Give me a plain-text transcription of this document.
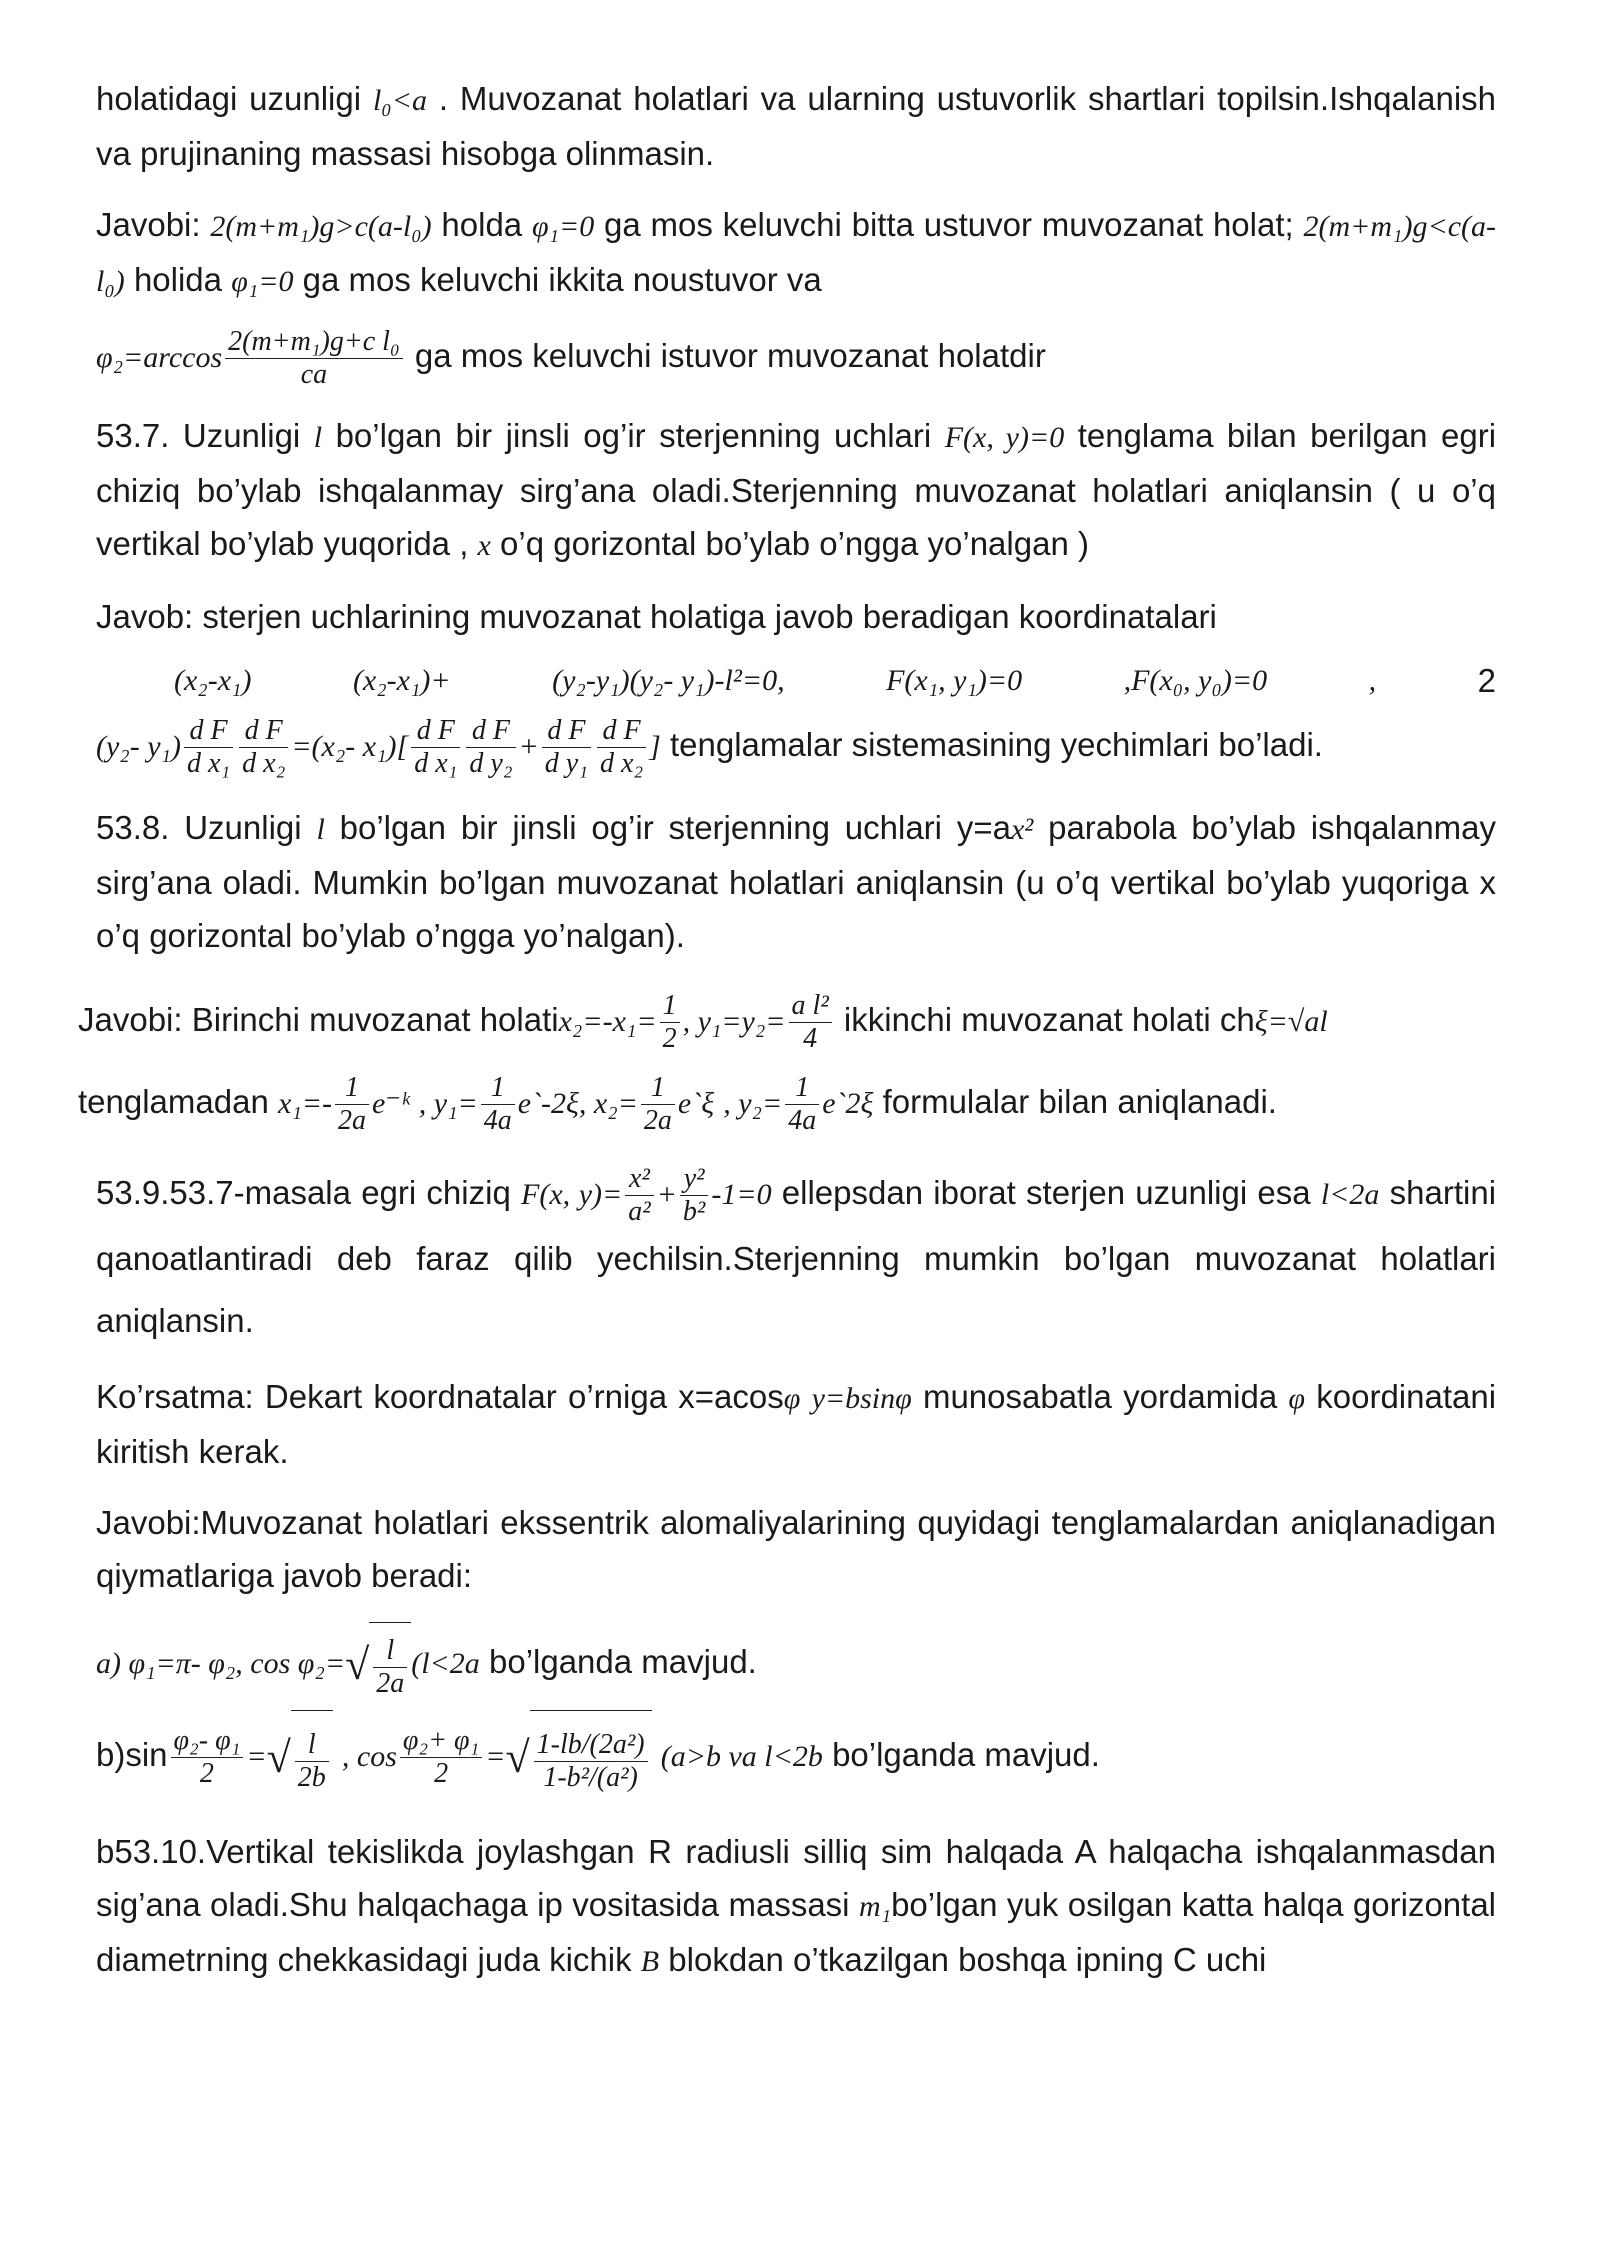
holatidagi uzunligi l₀<a . Muvozanat holatlari va ularning ustuvorlik shartlari topilsin.Ishqalanish va prujinaning massasi hisobga olinmasin.

Javobi: 2(m+m₁)g>c(a-l₀) holda φ₁=0 ga mos keluvchi bitta ustuvor muvozanat holat; 2(m+m₁)g<c(a-l₀) holida φ₁=0 ga mos keluvchi ikkita noustuvor va

$\varphi_2=\arccos \frac{\text{2(m+m₁)g+c l₀}}{ca}$ ga mos keluvchi istuvor muvozanat holatdir

53.7. Uzunligi l bo’lgan bir jinsli og’ir sterjenning uchlari F(x, y)=0 tenglama bilan berilgan egri chiziq bo’ylab ishqalanmay sirg’ana oladi.Sterjenning muvozanat holatlari aniqlansin ( u o’q vertikal bo’ylab yuqorida , x o’q gorizontal bo’ylab o’ngga yo’nalgan )

Javob: sterjen uchlarining muvozanat holatiga javob beradigan koordinatalari

(x₂-x₁)	(x₂-x₁)+	(y₂-y₁)(y₂- y₁)-l²=0,	F(x₁, y₁)=0	,F(x₀, y₀)=0	,	2

(y₂- $y_1) \frac{\text{d F}}{\text{d x₁}} \frac{\text{d F}}{\text{d x₂}} =(x_2-$ $x_1)[ \frac{\text{d F}}{\text{d x₁}} \frac{\text{d F}}{\text{d y₂}} + \frac{\text{d F}}{\text{d y₁}} \frac{\text{d F}}{\text{d x₂}}$ ] tenglamalar sistemasining yechimlari bo’ladi.

53.8. Uzunligi l bo’lgan bir jinsli og’ir sterjenning uchlari y=ax² parabola bo’ylab ishqalanmay sirg’ana oladi. Mumkin bo’lgan muvozanat holatlari aniqlansin (u o’q vertikal bo’ylab yuqoriga x o’q gorizontal bo’ylab o’ngga yo’nalgan).

Javobi: Birinchi muvozanat holatix₂=-x₁= $\frac{1}{2}$ , $y_1=y_2= \frac{\text{a l²}}{4}$ ikkinchi muvozanat holati chξ=√al

tenglamadan $x_1=- \frac{1}{2a}$ e⁻ᵏ , $y_1= \frac{1}{4a}$ e`-2ξ, $x_2= \frac{1}{2a}$ e`ξ , $y_2= \frac{1}{4a}$ e`2ξ formulalar bilan aniqlanadi.

53.9.53.7-masala egri chiziq F(x, $y)= \frac{\text{x²}}{\text{a²}} + \frac{\text{y²}}{\text{b²}} -1=0$ ellepsdan iborat sterjen uzunligi esa l<2a shartini qanoatlantiradi deb faraz qilib yechilsin.Sterjenning mumkin bo’lgan muvozanat holatlari aniqlansin.

Ko’rsatma: Dekart koordnatalar o’rniga x=acosφ y=bsinφ munosabatla yordamida φ koordinatani kiritish kerak.

Javobi:Muvozanat holatlari ekssentrik alomaliyalarining quyidagi tenglamalardan aniqlanadigan qiymatlariga javob beradi:

a) φ₁=π- φ₂, $\cos \varphi_2=√ \frac{l}{2a} (l<2a$ bo’lganda mavjud.

$b)\sin \frac{\text{φ₂- φ₁}}{2}$ =√ $\frac{l}{2b}$ , $\cos \frac{\text{φ₂+ φ₁}}{2}$ =√ $\frac{\text{1-lb/(2a²)}}{\text{1-b²/(a²)}} (a>b$ va l<2b bo’lganda mavjud.

b53.10.Vertikal tekislikda joylashgan R radiusli silliq sim halqada A halqacha ishqalanmasdan sig’ana oladi.Shu halqachaga ip vositasida massasi m₁bo’lgan yuk osilgan katta halqa gorizontal diametrning chekkasidagi juda kichik B blokdan o’tkazilgan boshqa ipning C uchi
